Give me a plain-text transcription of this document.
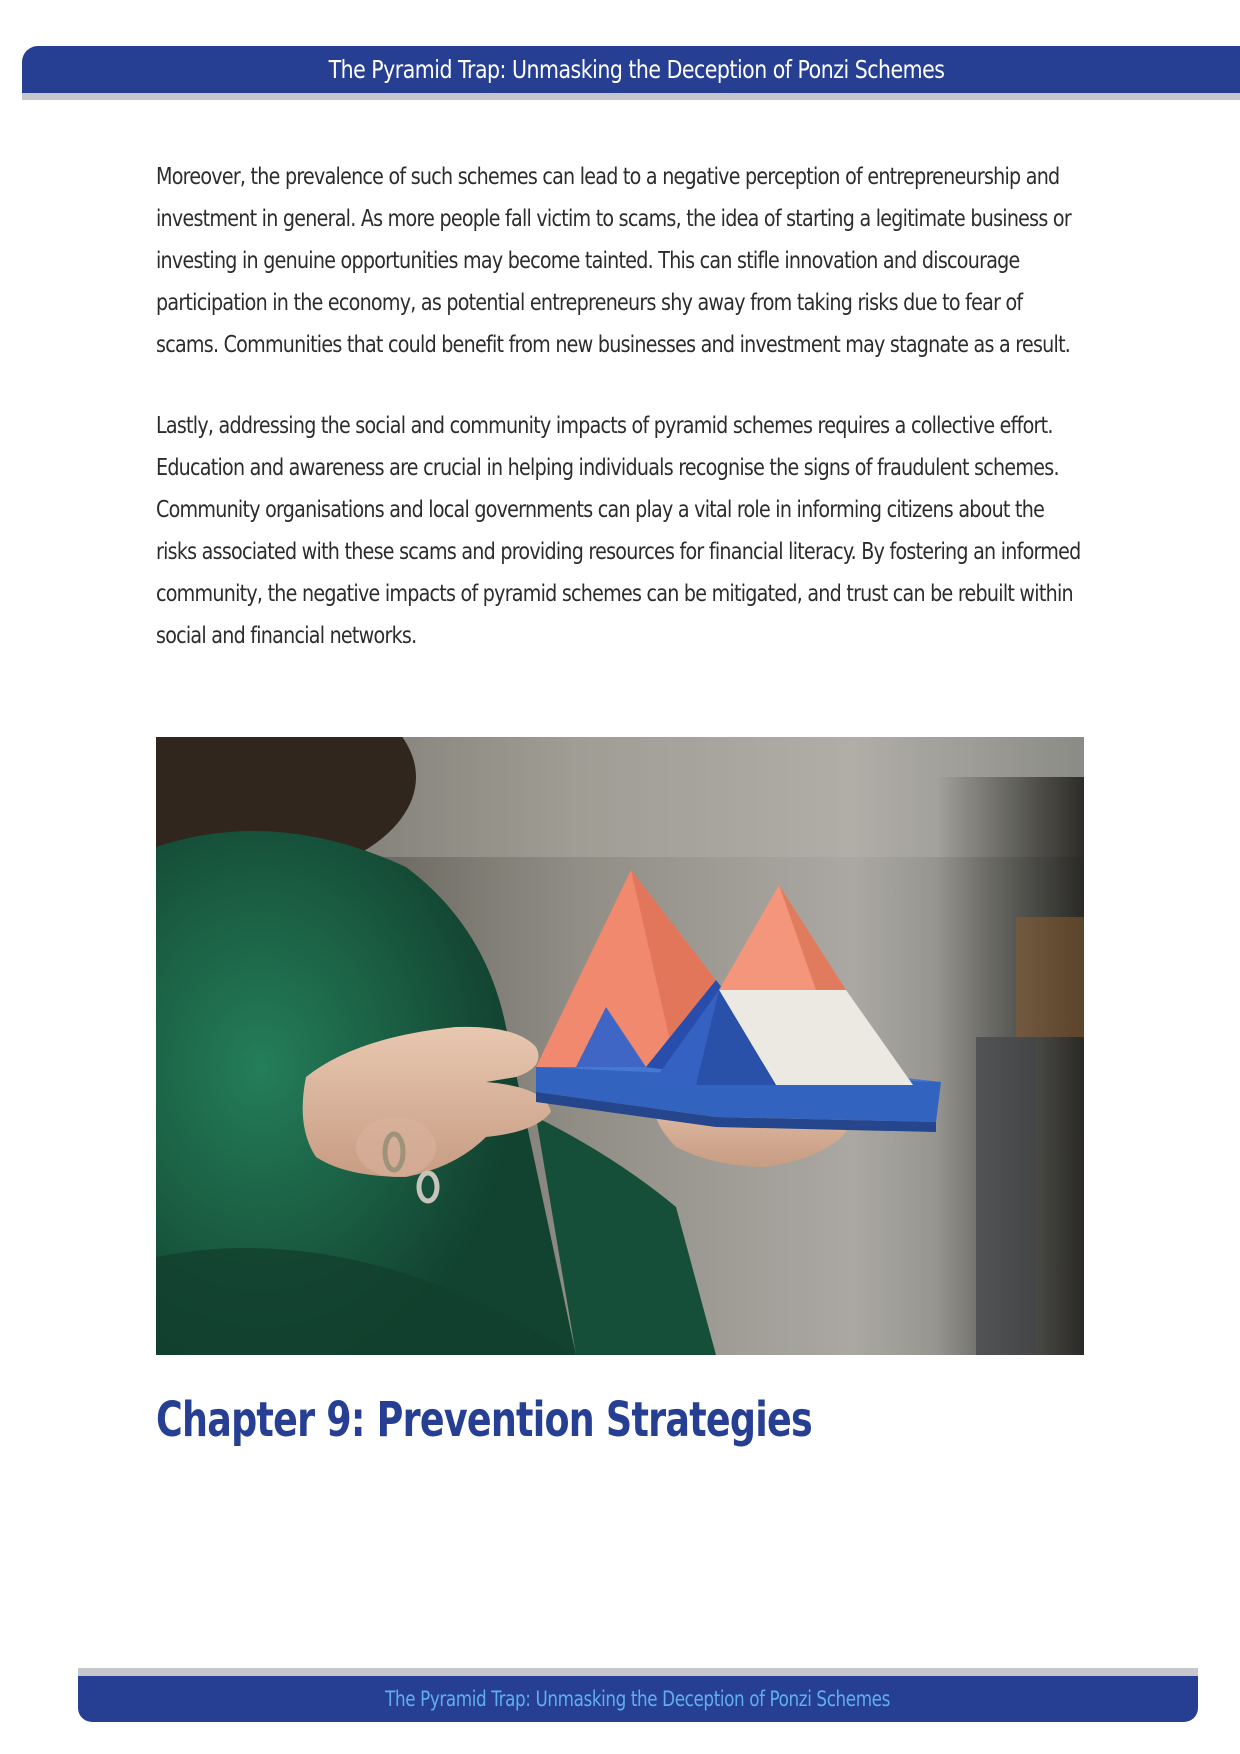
The Pyramid Trap: Unmasking the Deception of Ponzi Schemes

Moreover, the prevalence of such schemes can lead to a negative perception of entrepreneurship and investment in general. As more people fall victim to scams, the idea of starting a legitimate business or investing in genuine opportunities may become tainted. This can stifle innovation and discourage participation in the economy, as potential entrepreneurs shy away from taking risks due to fear of scams. Communities that could benefit from new businesses and investment may stagnate as a result.

Lastly, addressing the social and community impacts of pyramid schemes requires a collective effort. Education and awareness are crucial in helping individuals recognise the signs of fraudulent schemes. Community organisations and local governments can play a vital role in informing citizens about the risks associated with these scams and providing resources for financial literacy. By fostering an informed community, the negative impacts of pyramid schemes can be mitigated, and trust can be rebuilt within social and financial networks.

Chapter 9: Prevention Strategies
The Pyramid Trap: Unmasking the Deception of Ponzi Schemes
